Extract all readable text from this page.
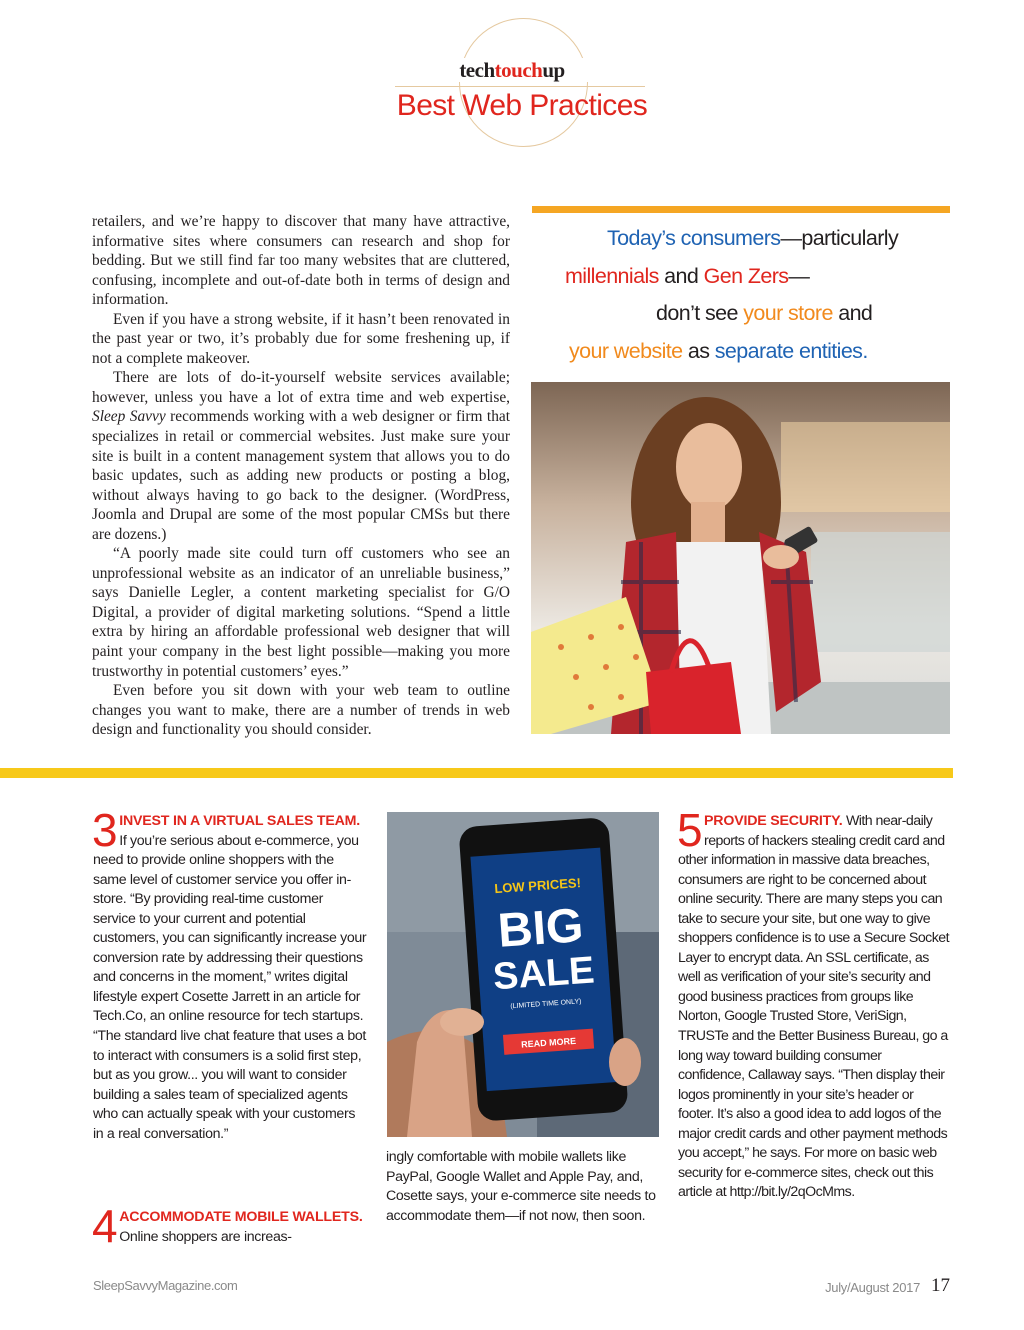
techtouchup
Best Web Practices

retailers, and we’re happy to discover that many have attractive, informative sites where consumers can research and shop for bedding. But we still find far too many websites that are cluttered, confusing, incomplete and out-of-date both in terms of design and information.

Even if you have a strong website, if it hasn’t been renovated in the past year or two, it’s probably due for some freshening up, if not a complete makeover.

There are lots of do-it-yourself website services available; however, unless you have a lot of extra time and web expertise, Sleep Savvy recommends working with a web designer or firm that specializes in retail or commercial websites. Just make sure your site is built in a content management system that allows you to do basic updates, such as adding new products or posting a blog, without always having to go back to the designer. (WordPress, Joomla and Drupal are some of the most popular CMSs but there are dozens.)

“A poorly made site could turn off customers who see an unprofessional website as an indicator of an unreliable business,” says Danielle Legler, a content marketing specialist for G/O Digital, a provider of digital marketing solutions. “Spend a little extra by hiring an affordable professional web designer that will paint your company in the best light possible—making you more trustworthy in potential customers’ eyes.”

Even before you sit down with your web team to outline changes you want to make, there are a number of trends in web design and functionality you should consider.

Today’s consumers—particularly
millennials and Gen Zers—
don’t see your store and
your website as separate entities.

3 INVEST IN A VIRTUAL SALES TEAM. If you’re serious about e-commerce, you need to provide online shoppers with the same level of customer service you offer in-store. “By providing real-time customer service to your current and potential customers, you can significantly increase your conversion rate by addressing their questions and concerns in the moment,” writes digital lifestyle expert Cosette Jarrett in an article for Tech.Co, an online resource for tech startups. “The standard live chat feature that uses a bot to interact with consumers is a solid first step, but as you grow... you will want to consider building a sales team of specialized agents who can actually speak with your customers in a real conversation.”

4 ACCOMMODATE MOBILE WALLETS. Online shoppers are increas-

LOW PRICES!
BIG
SALE
(LIMITED TIME ONLY)
READ MORE

ingly comfortable with mobile wallets like PayPal, Google Wallet and Apple Pay, and, Cosette says, your e-commerce site needs to accommodate them—if not now, then soon.

5 PROVIDE SECURITY. With near-daily reports of hackers stealing credit card and other information in massive data breaches, consumers are right to be concerned about online security. There are many steps you can take to secure your site, but one way to give shoppers confidence is to use a Secure Socket Layer to encrypt data. An SSL certificate, as well as verification of your site’s security and good business practices from groups like Norton, Google Trusted Store, VeriSign, TRUSTe and the Better Business Bureau, go a long way toward building consumer confidence, Callaway says. “Then display their logos prominently in your site’s header or footer. It’s also a good idea to add logos of the major credit cards and other payment methods you accept,” he says. For more on basic web security for e-commerce sites, check out this article at http://bit.ly/2qOcMms.

SleepSavvyMagazine.com	July/August 2017 17
